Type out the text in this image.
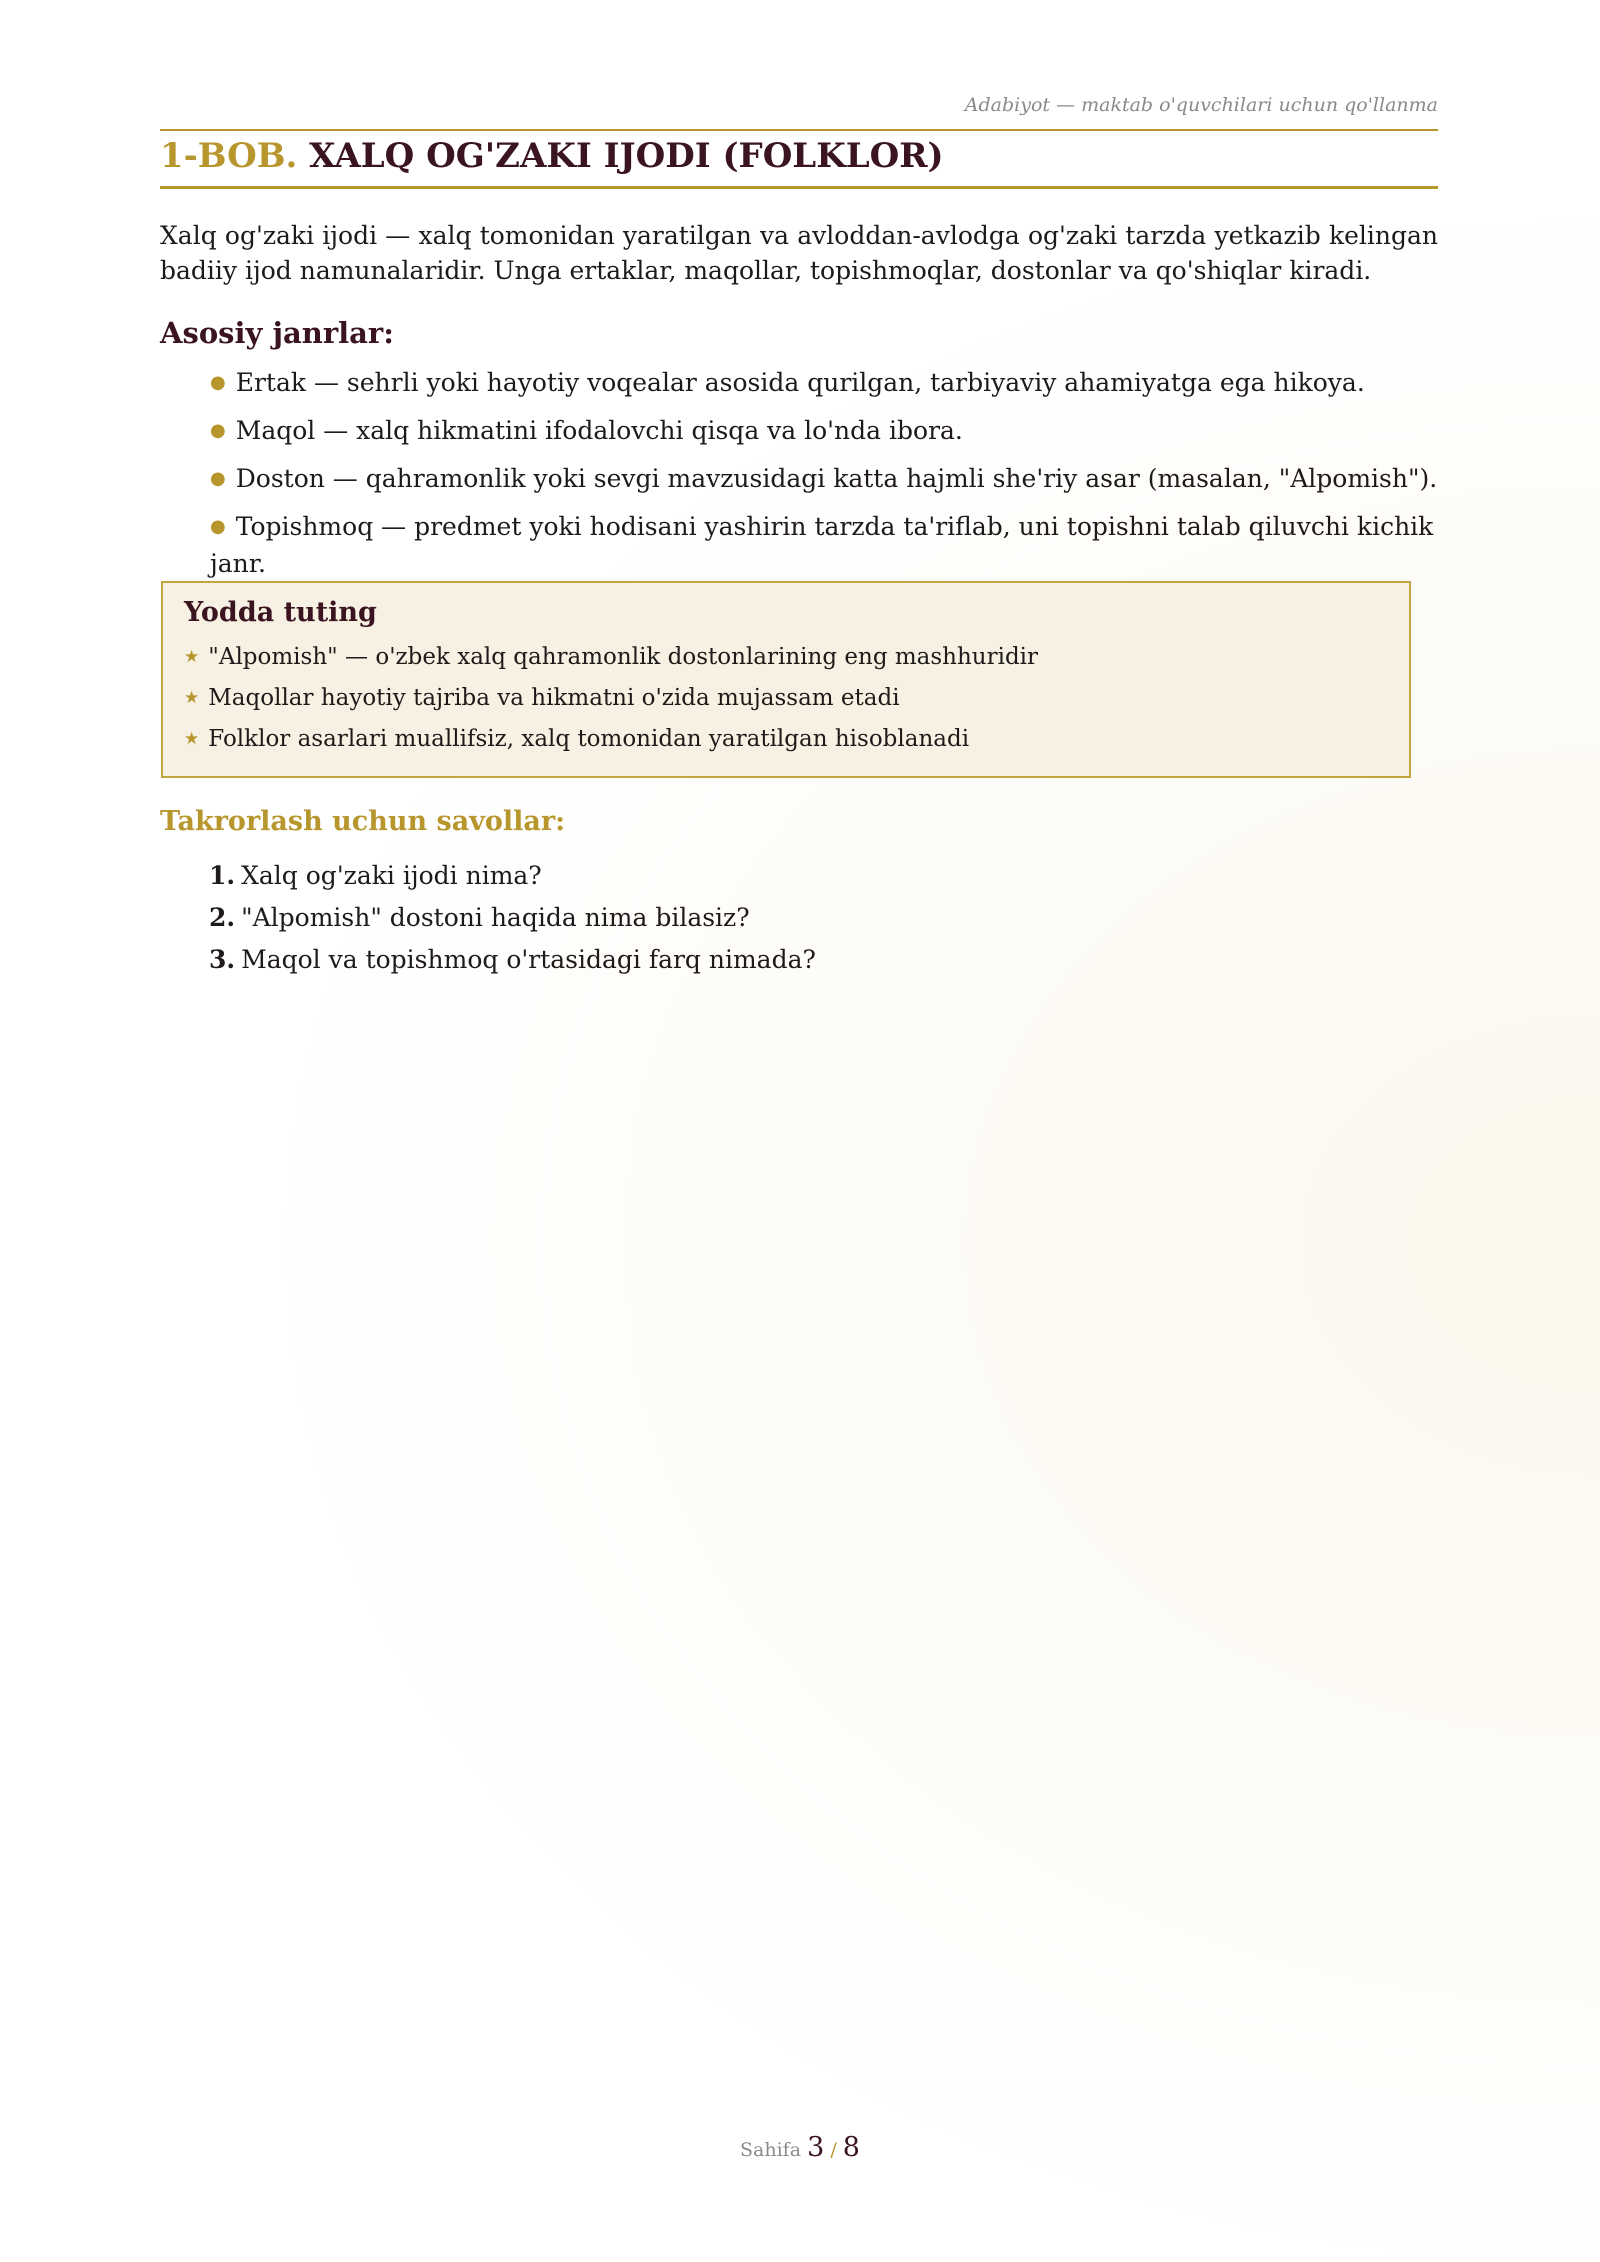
Adabiyot — maktab o'quvchilari uchun qo'llanma
1-BOB. XALQ OG'ZAKI IJODI (FOLKLOR)

Xalq og'zaki ijodi — xalq tomonidan yaratilgan va avloddan-avlodga og'zaki tarzda yetkazib kelingan badiiy ijod namunalaridir. Unga ertaklar, maqollar, topishmoqlar, dostonlar va qo'shiqlar kiradi.

Asosiy janrlar:
● Ertak — sehrli yoki hayotiy voqealar asosida qurilgan, tarbiyaviy ahamiyatga ega hikoya.
● Maqol — xalq hikmatini ifodalovchi qisqa va lo'nda ibora.
● Doston — qahramonlik yoki sevgi mavzusidagi katta hajmli she'riy asar (masalan, "Alpomish").
● Topishmoq — predmet yoki hodisani yashirin tarzda ta'riflab, uni topishni talab qiluvchi kichik janr.
Yodda tuting
★ "Alpomish" — o'zbek xalq qahramonlik dostonlarining eng mashhuridir
★ Maqollar hayotiy tajriba va hikmatni o'zida mujassam etadi
★ Folklor asarlari muallifsiz, xalq tomonidan yaratilgan hisoblanadi
Takrorlash uchun savollar:
1. Xalq og'zaki ijodi nima?
2. "Alpomish" dostoni haqida nima bilasiz?
3. Maqol va topishmoq o'rtasidagi farq nimada?
Sahifa 3 / 8
